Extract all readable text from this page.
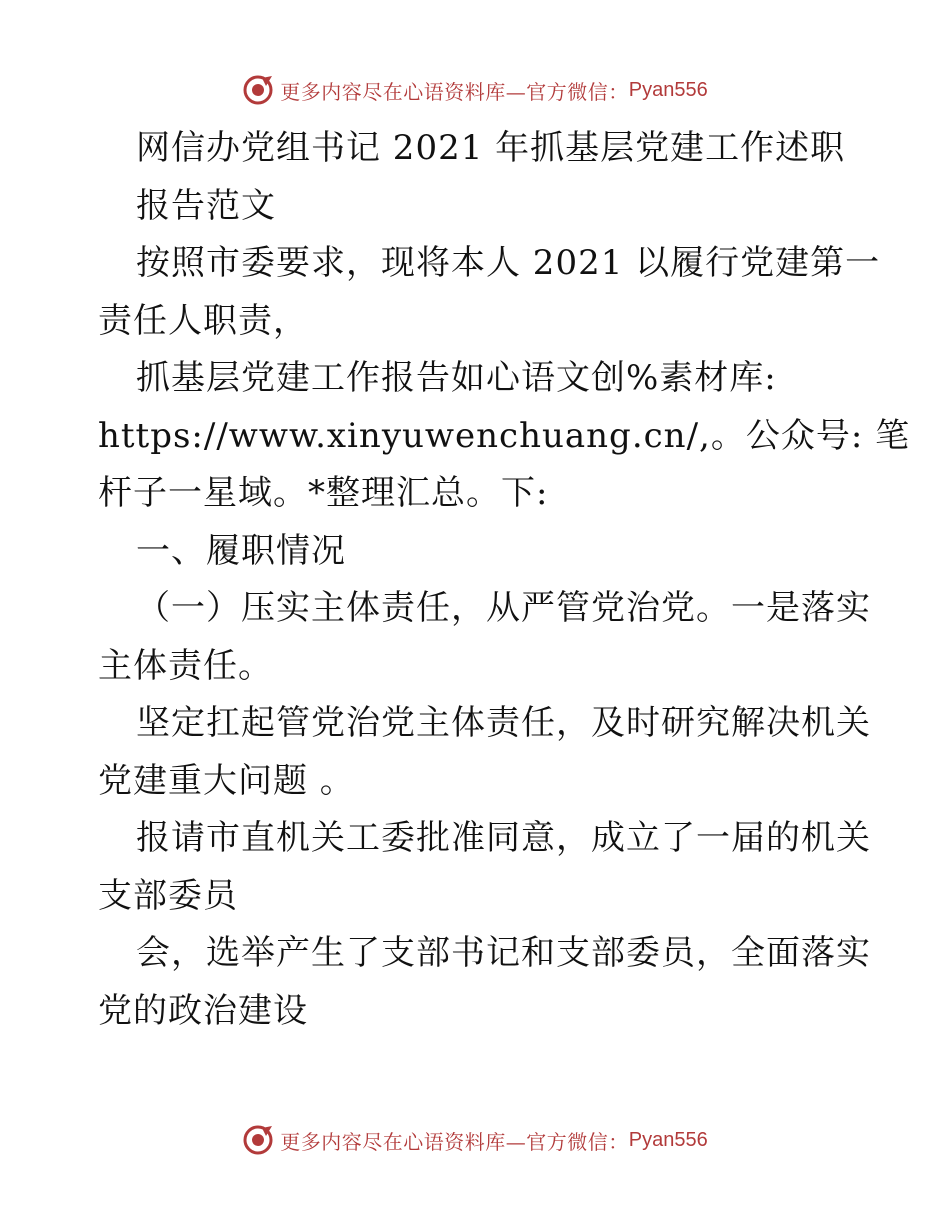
更多内容尽在心语资料库—官方微信： Pyan556
网信办党组书记 2021 年抓基层党建工作述职
报告范文
按照市委要求，现将本人 2021 以履行党建第一
责任人职责，
抓基层党建工作报告如心语文创%素材库:
https://www.xinyuwenchuang.cn/,。公众号: 笔
杆子一星域。*整理汇总。下:
一、履职情况
（一）压实主体责任，从严管党治党。一是落实
主体责任。
坚定扛起管党治党主体责任，及时研究解决机关
党建重大问题 。
报请市直机关工委批准同意，成立了一届的机关
支部委员
会，选举产生了支部书记和支部委员，全面落实
党的政治建设
更多内容尽在心语资料库—官方微信： Pyan556
